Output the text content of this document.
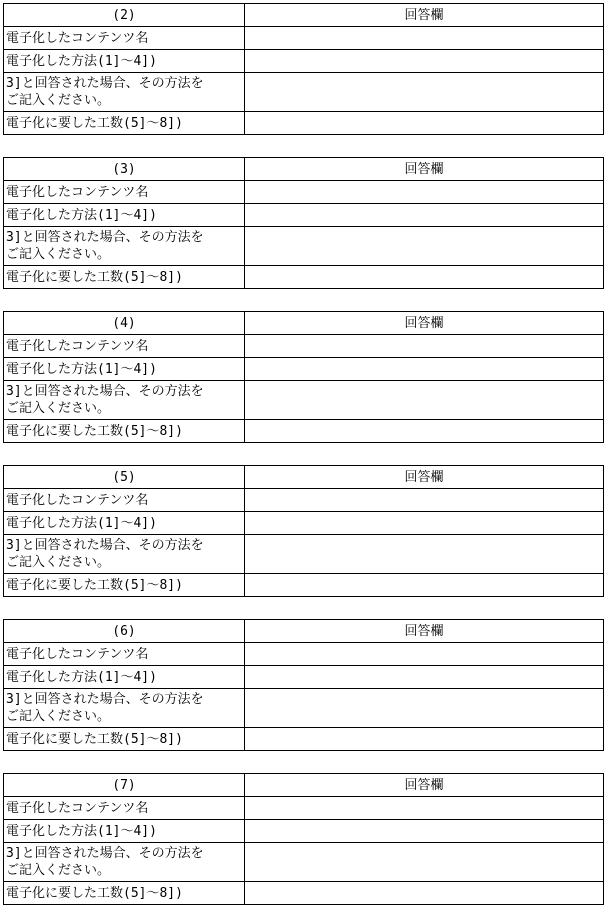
(2)	回答欄
電子化したコンテンツ名	
電子化した方法(1]～4])	
3]と回答された場合、その方法を
ご記入ください。	
電子化に要した工数(5]～8])	
(3)	回答欄
電子化したコンテンツ名	
電子化した方法(1]～4])	
3]と回答された場合、その方法を
ご記入ください。	
電子化に要した工数(5]～8])	
(4)	回答欄
電子化したコンテンツ名	
電子化した方法(1]～4])	
3]と回答された場合、その方法を
ご記入ください。	
電子化に要した工数(5]～8])	
(5)	回答欄
電子化したコンテンツ名	
電子化した方法(1]～4])	
3]と回答された場合、その方法を
ご記入ください。	
電子化に要した工数(5]～8])	
(6)	回答欄
電子化したコンテンツ名	
電子化した方法(1]～4])	
3]と回答された場合、その方法を
ご記入ください。	
電子化に要した工数(5]～8])	
(7)	回答欄
電子化したコンテンツ名	
電子化した方法(1]～4])	
3]と回答された場合、その方法を
ご記入ください。	
電子化に要した工数(5]～8])	
